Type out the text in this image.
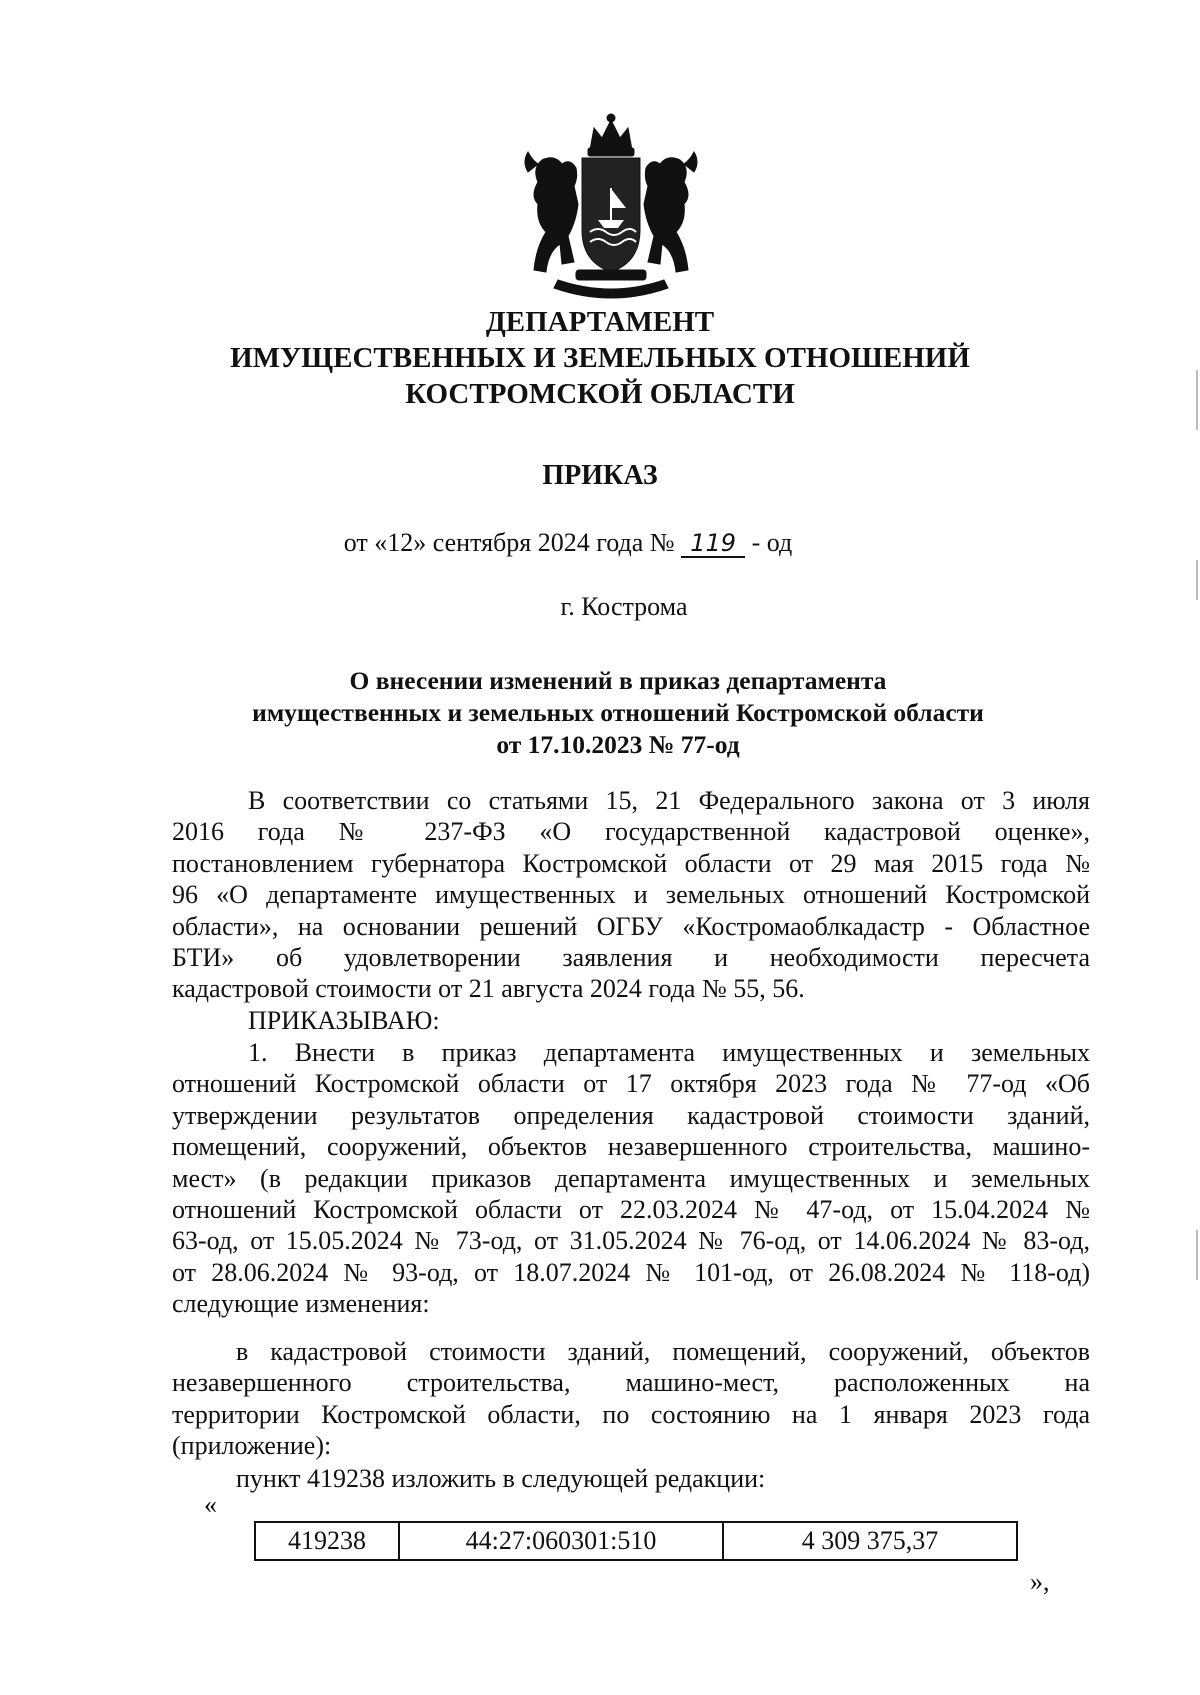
ДЕПАРТАМЕНТ
ИМУЩЕСТВЕННЫХ И ЗЕМЕЛЬНЫХ ОТНОШЕНИЙ
КОСТРОМСКОЙ ОБЛАСТИ
ПРИКАЗ
от «12» сентября 2024 года № 119 - од
г. Кострома
О внесении изменений в приказ департамента
имущественных и земельных отношений Костромской области
от 17.10.2023 № 77-од
В соответствии со статьями 15, 21 Федерального закона от 3 июля
2016 года № 237-ФЗ «О государственной кадастровой оценке»,
постановлением губернатора Костромской области от 29 мая 2015 года №
96 «О департаменте имущественных и земельных отношений Костромской
области», на основании решений ОГБУ «Костромаоблкадастр - Областное
БТИ» об удовлетворении заявления и необходимости пересчета
кадастровой стоимости от 21 августа 2024 года № 55, 56.
ПРИКАЗЫВАЮ:
1. Внести в приказ департамента имущественных и земельных
отношений Костромской области от 17 октября 2023 года № 77-од «Об
утверждении результатов определения кадастровой стоимости зданий,
помещений, сооружений, объектов незавершенного строительства, машино-
мест» (в редакции приказов департамента имущественных и земельных
отношений Костромской области от 22.03.2024 № 47-од, от 15.04.2024 №
63-од, от 15.05.2024 № 73-од, от 31.05.2024 № 76-од, от 14.06.2024 № 83-од,
от 28.06.2024 № 93-од, от 18.07.2024 № 101-од, от 26.08.2024 № 118-од)
следующие изменения:
в кадастровой стоимости зданий, помещений, сооружений, объектов
незавершенного строительства, машино-мест, расположенных на
территории Костромской области, по состоянию на 1 января 2023 года
(приложение):
пункт 419238 изложить в следующей редакции:
«
419238	44:27:060301:510	4 309 375,37
»,
